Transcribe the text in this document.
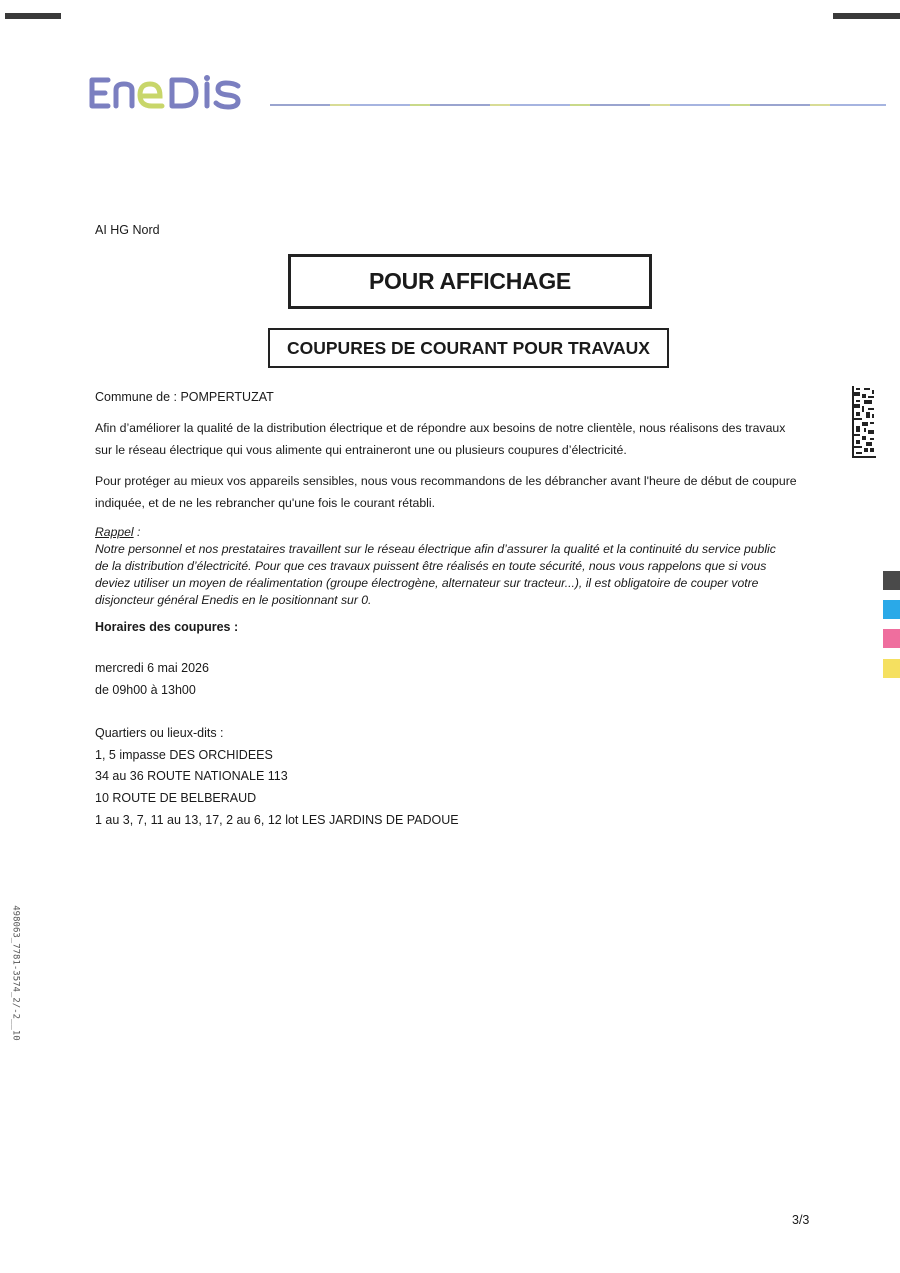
AI HG Nord
POUR AFFICHAGE
COUPURES DE COURANT POUR TRAVAUX
Commune de : POMPERTUZAT
Afin d’améliorer la qualité de la distribution électrique et de répondre aux besoins de notre clientèle, nous réalisons des travaux
sur le réseau électrique qui vous alimente qui entraineront une ou plusieurs coupures d’électricité.
Pour protéger au mieux vos appareils sensibles, nous vous recommandons de les débrancher avant l'heure de début de coupure
indiquée, et de ne les rebrancher qu'une fois le courant rétabli.
Rappel :
Notre personnel et nos prestataires travaillent sur le réseau électrique afin d’assurer la qualité et la continuité du service public
de la distribution d’électricité. Pour que ces travaux puissent être réalisés en toute sécurité, nous vous rappelons que si vous
deviez utiliser un moyen de réalimentation (groupe électrogène, alternateur sur tracteur...), il est obligatoire de couper votre
disjoncteur général Enedis en le positionnant sur 0.
Horaires des coupures :
mercredi 6 mai 2026
de 09h00 à 13h00
Quartiers ou lieux-dits :
1, 5 impasse DES ORCHIDEES
34 au 36 ROUTE NATIONALE 113
10 ROUTE DE BELBERAUD
1 au 3, 7, 11 au 13, 17, 2 au 6, 12 lot LES JARDINS DE PADOUE
498063_7781-3574_2/-2__10
3/3
